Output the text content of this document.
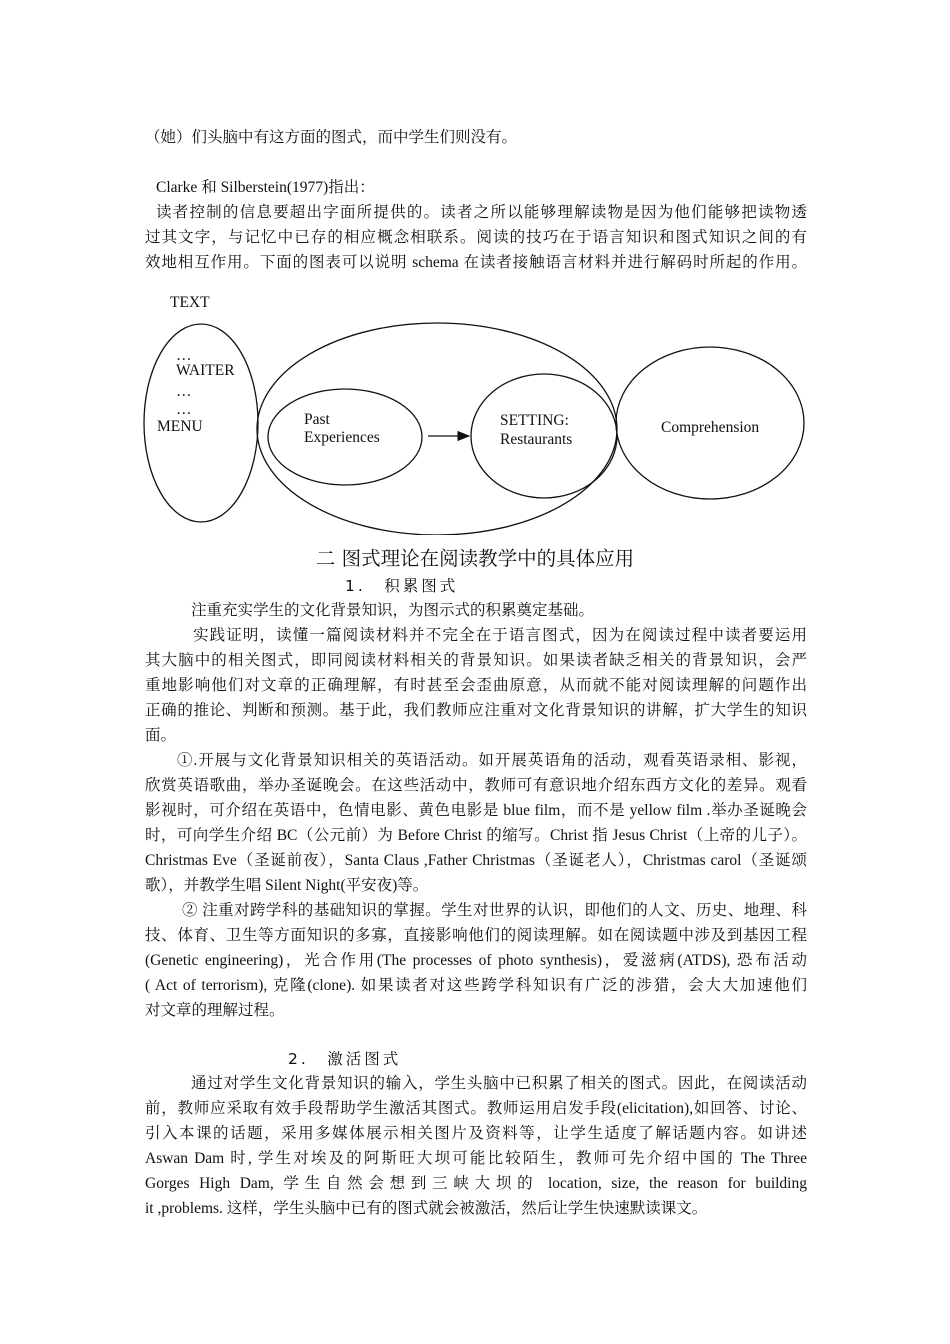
（她）们头脑中有这方面的图式，而中学生们则没有。
Clarke 和 Silberstein(1977)指出：
读者控制的信息要超出字面所提供的。读者之所以能够理解读物是因为他们能够把读物透
过其文字，与记忆中已存的相应概念相联系。阅读的技巧在于语言知识和图式知识之间的有
效地相互作用。下面的图表可以说明 schema 在读者接触语言材料并进行解码时所起的作用。
TEXT
…
WAITER
…
…
MENU	Past
Experiences
SETTING:
Restaurants
Comprehension
二 图式理论在阅读教学中的具体应用
1.　积累图式
注重充实学生的文化背景知识，为图示式的积累奠定基础。
实践证明，读懂一篇阅读材料并不完全在于语言图式，因为在阅读过程中读者要运用
其大脑中的相关图式，即同阅读材料相关的背景知识。如果读者缺乏相关的背景知识，会严
重地影响他们对文章的正确理解，有时甚至会歪曲原意，从而就不能对阅读理解的问题作出
正确的推论、判断和预测。基于此，我们教师应注重对文化背景知识的讲解，扩大学生的知识
面。
①.开展与文化背景知识相关的英语活动。如开展英语角的活动，观看英语录相、影视，
欣赏英语歌曲，举办圣诞晚会。在这些活动中，教师可有意识地介绍东西方文化的差异。观看
影视时，可介绍在英语中，色情电影、黄色电影是 blue film，而不是 yellow film .举办圣诞晚会
时，可向学生介绍 BC（公元前）为 Before Christ 的缩写。Christ 指 Jesus Christ（上帝的儿子）。
Christmas Eve（圣诞前夜），Santa Claus ,Father Christmas（圣诞老人），Christmas carol（圣诞颂
歌），并教学生唱 Silent Night(平安夜)等。
② 注重对跨学科的基础知识的掌握。学生对世界的认识，即他们的人文、历史、地理、科
技、体育、卫生等方面知识的多寡，直接影响他们的阅读理解。如在阅读题中涉及到基因工程
(Genetic engineering)，光合作用(The processes of photo synthesis)，爱滋病(ATDS), 恐布活动
( Act of terrorism), 克隆(clone). 如果读者对这些跨学科知识有广泛的涉猎，会大大加速他们
对文章的理解过程。
2.　激活图式
通过对学生文化背景知识的输入，学生头脑中已积累了相关的图式。因此，在阅读活动
前，教师应采取有效手段帮助学生激活其图式。教师运用启发手段(elicitation),如回答、讨论、
引入本课的话题，采用多媒体展示相关图片及资料等，让学生适度了解话题内容。如讲述
Aswan Dam 时, 学生对埃及的阿斯旺大坝可能比较陌生，教师可先介绍中国的 The Three
Gorges High Dam, 学生自然会想到三峡大坝的 location, size, the reason for building
it ,problems. 这样，学生头脑中已有的图式就会被激活，然后让学生快速默读课文。
